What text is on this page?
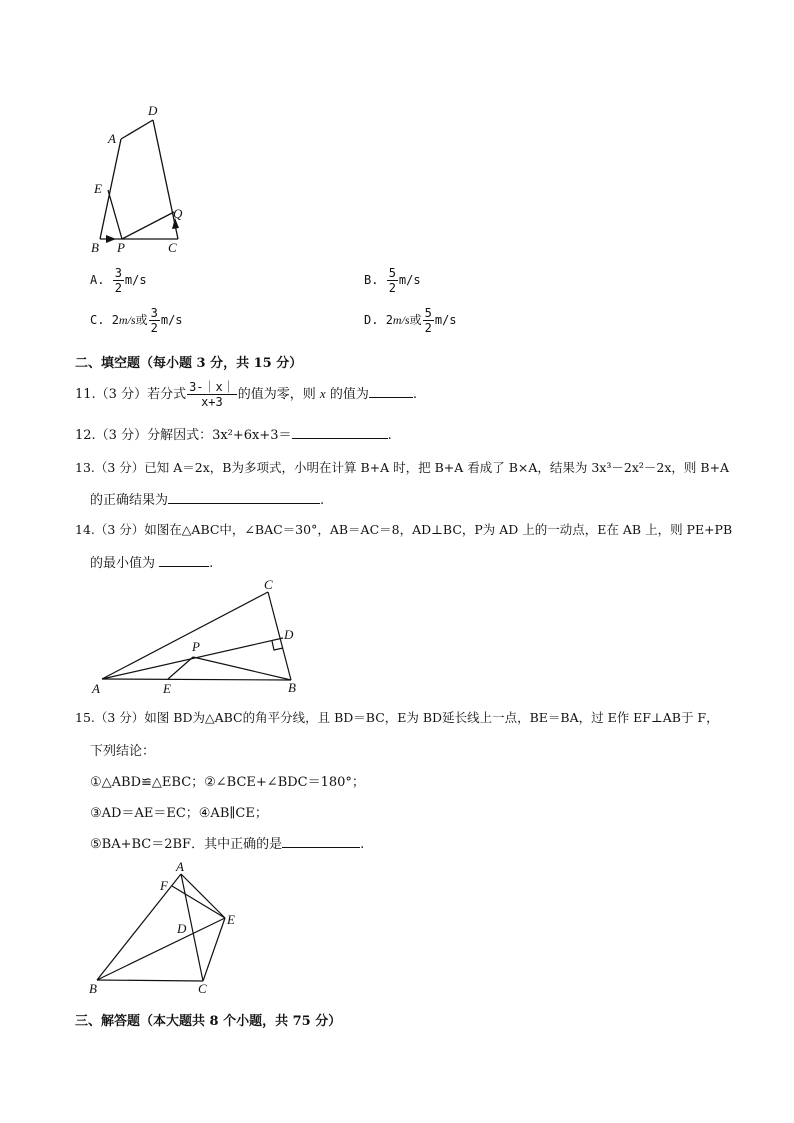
A
D
E
Q
B P	C
A. $\frac{3}{2} m/s$	B. $\frac{5}{2} m/s$
C. 2m/s或 $\frac{3}{2} m/s$	D. 2m/s或 $\frac{5}{2} m/s$
二、填空题（每小题 3 分，共 15 分）
11.（3 分）若分式 $\frac{3-|x|}{x+3}$ 的值为零，则 x 的值为	.
12.（3 分）分解因式：3x²+6x+3＝	.
13.（3 分）已知 A＝2x，B为多项式，小明在计算 B+A 时，把 B+A 看成了 B×A，结果为 3x³－2x²－2x，则 B+A
的正确结果为	.
14.（3 分）如图在△ABC中，∠BAC＝30°，AB＝AC＝8，AD⊥BC，P为 AD 上的一动点，E在 AB 上，则 PE+PB
的最小值为	.
A	E	B
C
D
P
15.（3 分）如图 BD为△ABC的角平分线，且 BD＝BC，E为 BD延长线上一点，BE＝BA，过 E作 EF⊥AB于 F，
下列结论：
①△ABD≌△EBC；②∠BCE+∠BDC＝180°；
③AD＝AE＝EC；④AB∥CE；
⑤BA+BC＝2BF．其中正确的是	.
A
F
D
E
B	C
三、解答题（本大题共 8 个小题，共 75 分）
